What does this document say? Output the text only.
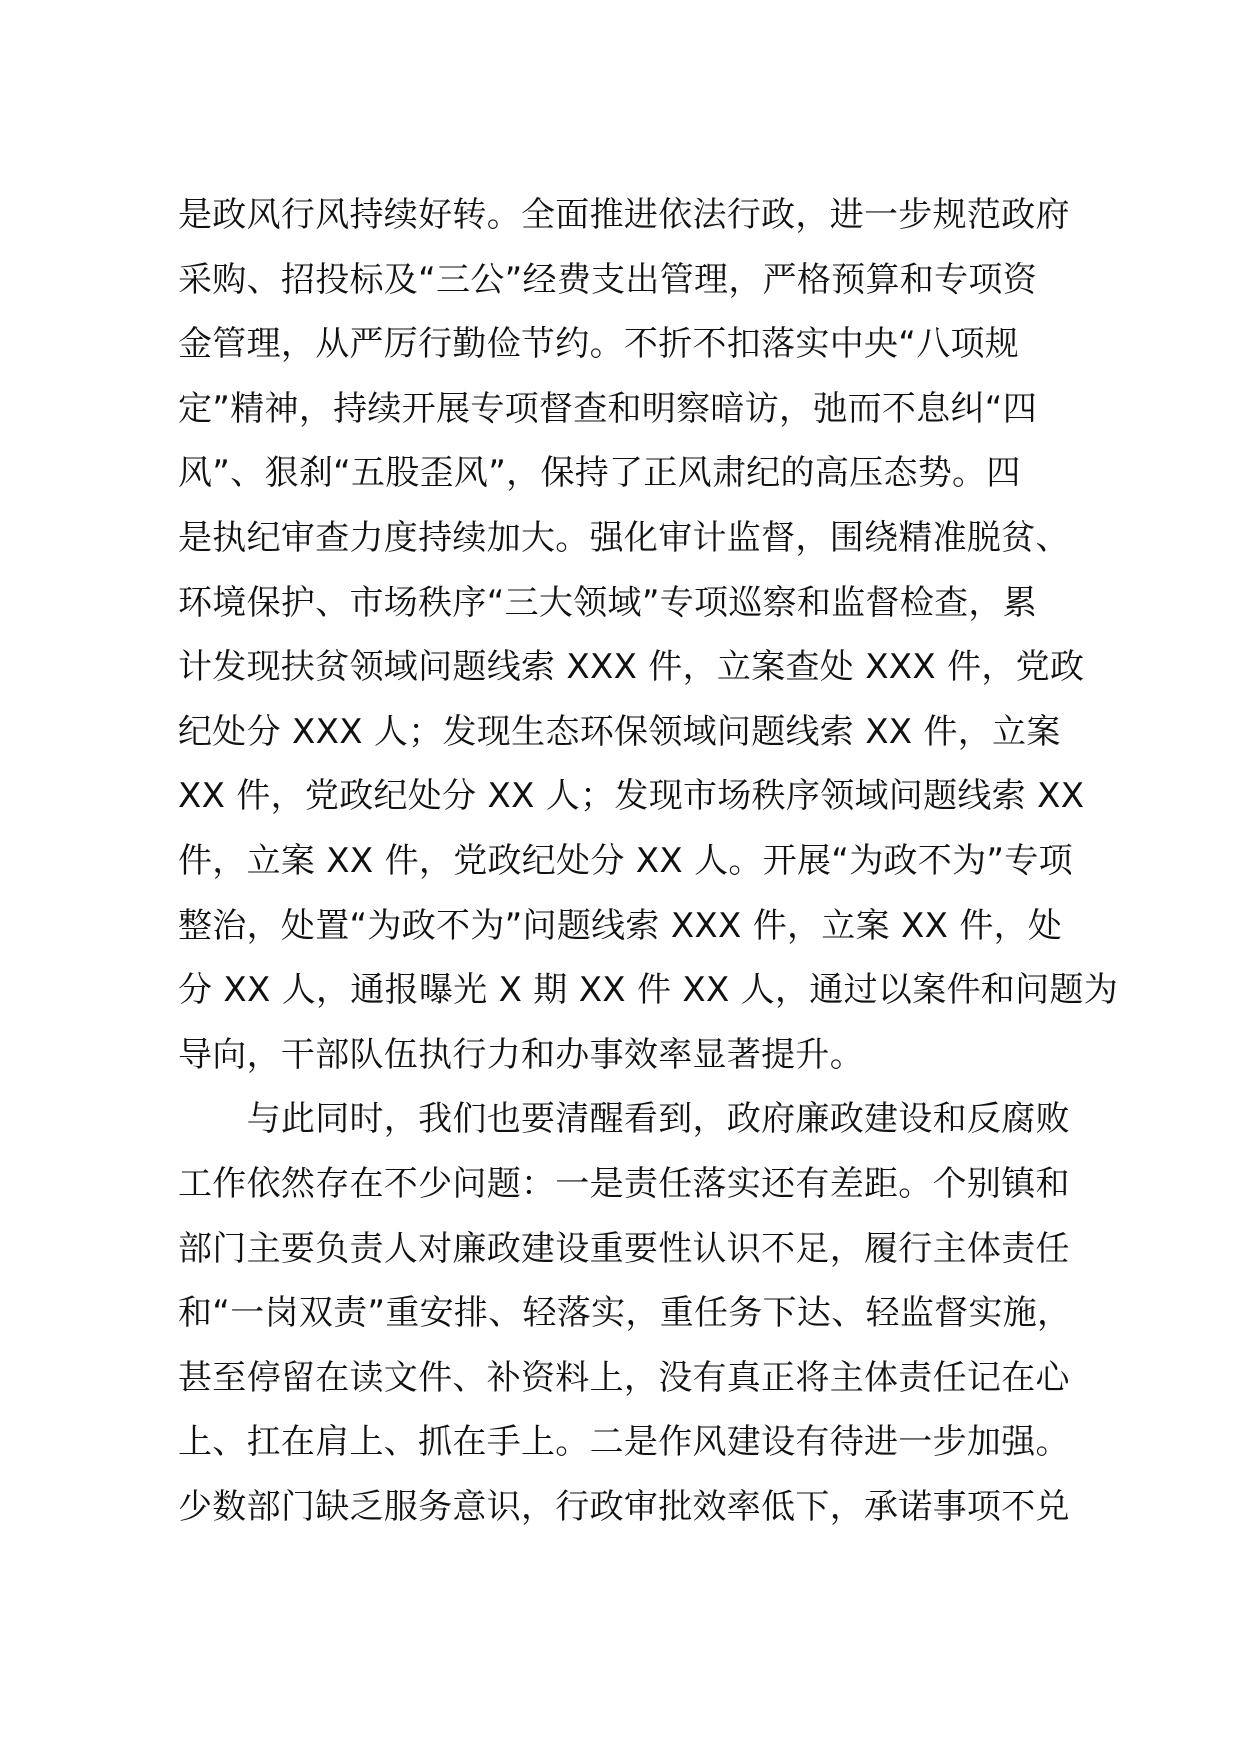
是政风行风持续好转。全面推进依法行政，进一步规范政府
采购、招投标及“三公”经费支出管理，严格预算和专项资
金管理，从严厉行勤俭节约。不折不扣落实中央“八项规
定”精神，持续开展专项督查和明察暗访，弛而不息纠“四
风”、狠刹“五股歪风”，保持了正风肃纪的高压态势。四
是执纪审查力度持续加大。强化审计监督，围绕精准脱贫、
环境保护、市场秩序“三大领域”专项巡察和监督检查，累
计发现扶贫领域问题线索 XXX 件，立案查处 XXX 件，党政
纪处分 XXX 人；发现生态环保领域问题线索 XX 件，立案
XX 件，党政纪处分 XX 人；发现市场秩序领域问题线索 XX
件，立案 XX 件，党政纪处分 XX 人。开展“为政不为”专项
整治，处置“为政不为”问题线索 XXX 件，立案 XX 件，处
分 XX 人，通报曝光 X 期 XX 件 XX 人，通过以案件和问题为
导向，干部队伍执行力和办事效率显著提升。
　　与此同时，我们也要清醒看到，政府廉政建设和反腐败
工作依然存在不少问题：一是责任落实还有差距。个别镇和
部门主要负责人对廉政建设重要性认识不足，履行主体责任
和“一岗双责”重安排、轻落实，重任务下达、轻监督实施，
甚至停留在读文件、补资料上，没有真正将主体责任记在心
上、扛在肩上、抓在手上。二是作风建设有待进一步加强。
少数部门缺乏服务意识，行政审批效率低下，承诺事项不兑
